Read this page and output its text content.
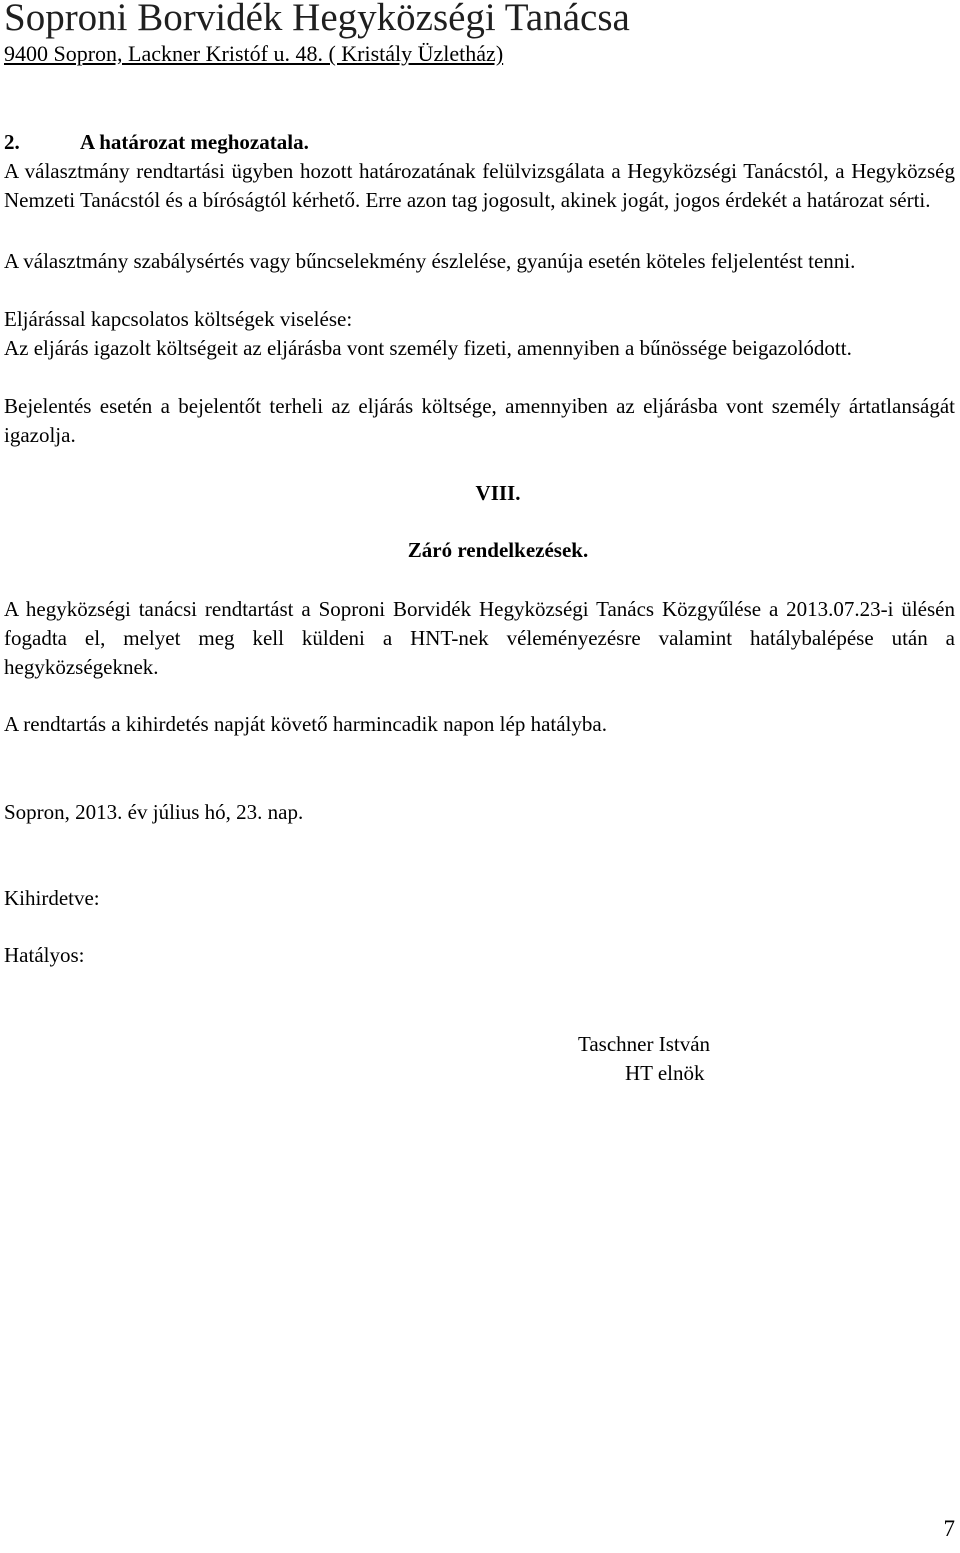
Soproni Borvidék Hegyközségi Tanácsa
9400 Sopron, Lackner Kristóf u. 48. ( Kristály Üzletház)
2.	A határozat meghozatala.
A választmány rendtartási ügyben hozott határozatának felülvizsgálata a Hegyközségi Tanácstól, a Hegyközség Nemzeti Tanácstól és a bíróságtól kérhető. Erre azon tag jogosult, akinek jogát, jogos érdekét a határozat sérti.
A választmány szabálysértés vagy bűncselekmény észlelése, gyanúja esetén köteles feljelentést tenni.
Eljárással kapcsolatos költségek viselése:
Az eljárás igazolt költségeit az eljárásba vont személy fizeti, amennyiben a bűnössége beigazolódott.
Bejelentés esetén a bejelentőt terheli az eljárás költsége, amennyiben az eljárásba vont személy ártatlanságát igazolja.
VIII.
Záró rendelkezések.
A hegyközségi tanácsi rendtartást a Soproni Borvidék Hegyközségi Tanács Közgyűlése a 2013.07.23-i ülésén fogadta el, melyet meg kell küldeni a HNT-nek véleményezésre valamint hatálybalépése után a hegyközségeknek.
A rendtartás a kihirdetés napját követő harmincadik napon lép hatályba.
Sopron, 2013. év július hó, 23. nap.
Kihirdetve:
Hatályos:
Taschner István
HT elnök
7
